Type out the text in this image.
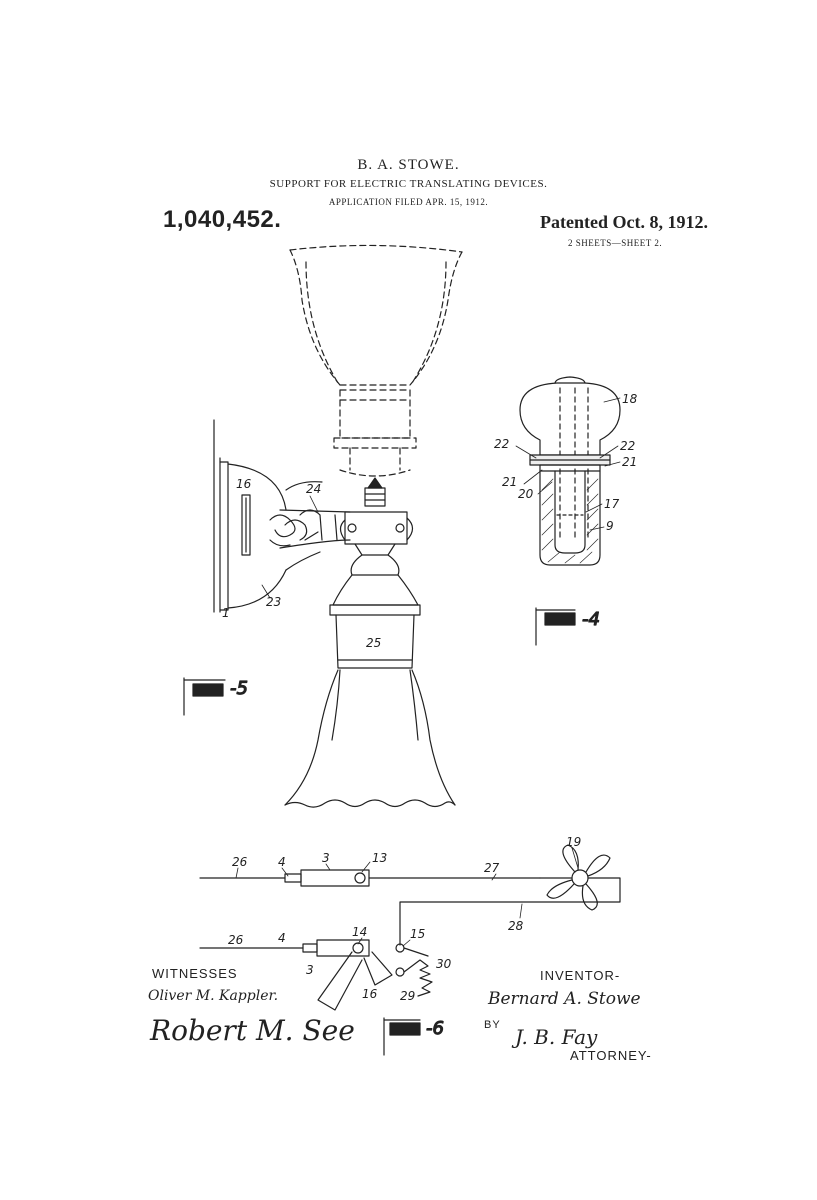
B. A. STOWE.
SUPPORT FOR ELECTRIC TRANSLATING DEVICES.
APPLICATION FILED APR. 15, 1912.
1,040,452.	Patented Oct. 8, 1912.
2 SHEETS—SHEET 2.
-4
-5
-6
1
16	24
23
25
18
22	22
21
21
20
17
9
26	4	3	13
27
19
28
26	4	14	15
3
16 29
30
WITNESSES
Oliver M. Kappler.
Robert M. See
INVENTOR-
Bernard A. Stowe
BY J. B. Fay
ATTORNEY-
